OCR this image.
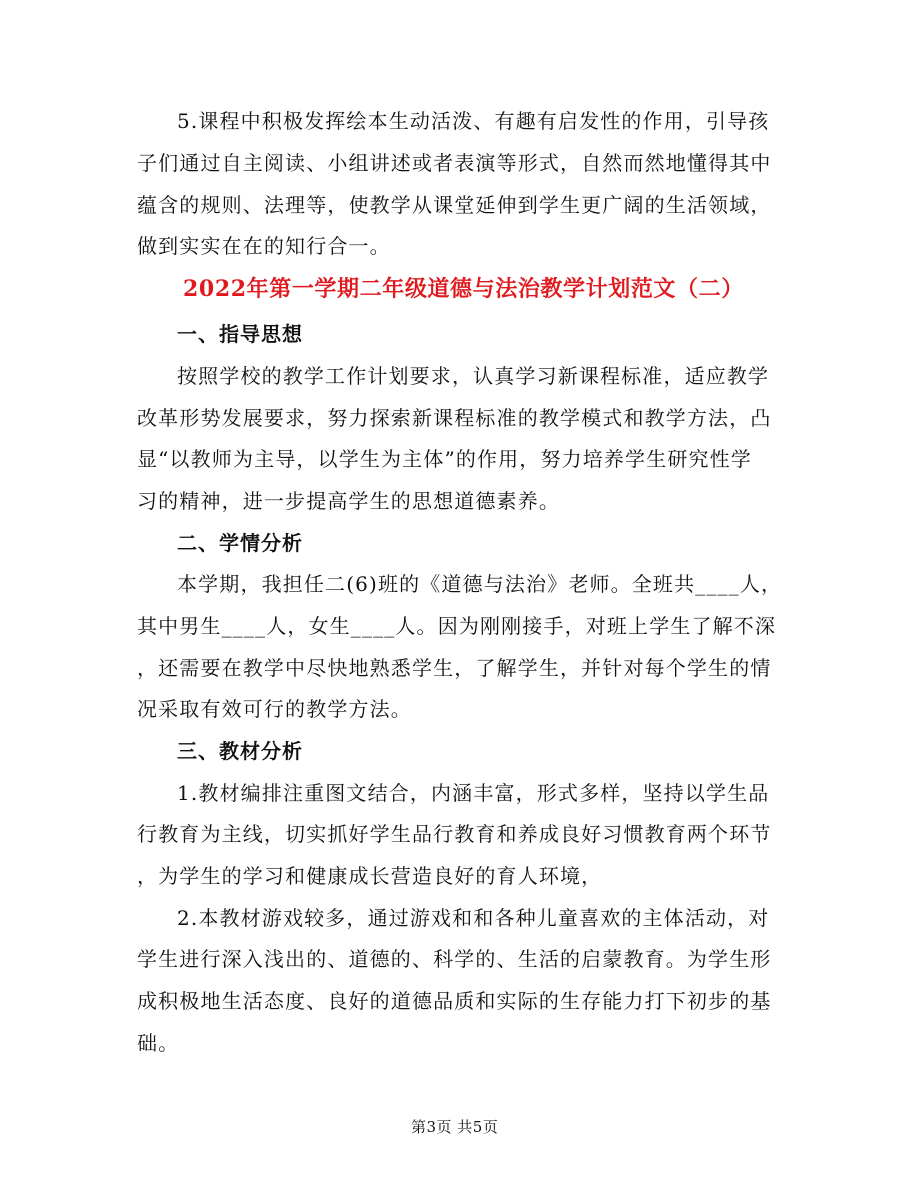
5.课程中积极发挥绘本生动活泼、有趣有启发性的作用，引导孩
子们通过自主阅读、小组讲述或者表演等形式，自然而然地懂得其中
蕴含的规则、法理等，使教学从课堂延伸到学生更广阔的生活领域，
做到实实在在的知行合一。
2022年第一学期二年级道德与法治教学计划范文（二）
一、指导思想
按照学校的教学工作计划要求，认真学习新课程标准，适应教学
改革形势发展要求，努力探索新课程标准的教学模式和教学方法，凸
显“以教师为主导，以学生为主体”的作用，努力培养学生研究性学
习的精神，进一步提高学生的思想道德素养。
二、学情分析
本学期，我担任二(6)班的《道德与法治》老师。全班共____人，
其中男生____人，女生____人。因为刚刚接手，对班上学生了解不深
，还需要在教学中尽快地熟悉学生，了解学生，并针对每个学生的情
况采取有效可行的教学方法。
三、教材分析
1.教材编排注重图文结合，内涵丰富，形式多样，坚持以学生品
行教育为主线，切实抓好学生品行教育和养成良好习惯教育两个环节
，为学生的学习和健康成长营造良好的育人环境，
2.本教材游戏较多，通过游戏和和各种儿童喜欢的主体活动，对
学生进行深入浅出的、道德的、科学的、生活的启蒙教育。为学生形
成积极地生活态度、良好的道德品质和实际的生存能力打下初步的基
础。
第3页 共5页
